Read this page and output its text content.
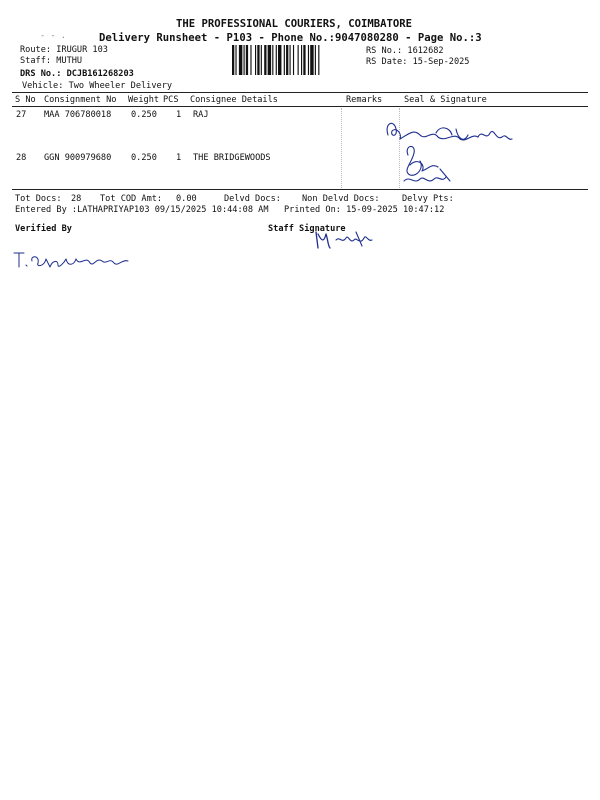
THE PROFESSIONAL COURIERS, COIMBATORE
Delivery Runsheet - P103 - Phone No.:9047080280 - Page No.:3
- - .
Route: IRUGUR 103
Staff: MUTHU
DRS No.: DCJB161268203
Vehicle: Two Wheeler Delivery
RS No.: 1612682
RS Date: 15-Sep-2025
S No Consignment No Weight PCS Consignee Details	Remarks	Seal & Signature
27 MAA 706780018 0.250 1 RAJ
28 GGN 900979680 0.250 1 THE BRIDGEWOODS
Tot Docs: 28 Tot COD Amt: 0.00	Delvd Docs: Non Delvd Docs:	Delvy Pts:
Entered By :LATHAPRIYAP103 09/15/2025 10:44:08 AM Printed On: 15-09-2025 10:47:12
Verified By	Staff Signature
